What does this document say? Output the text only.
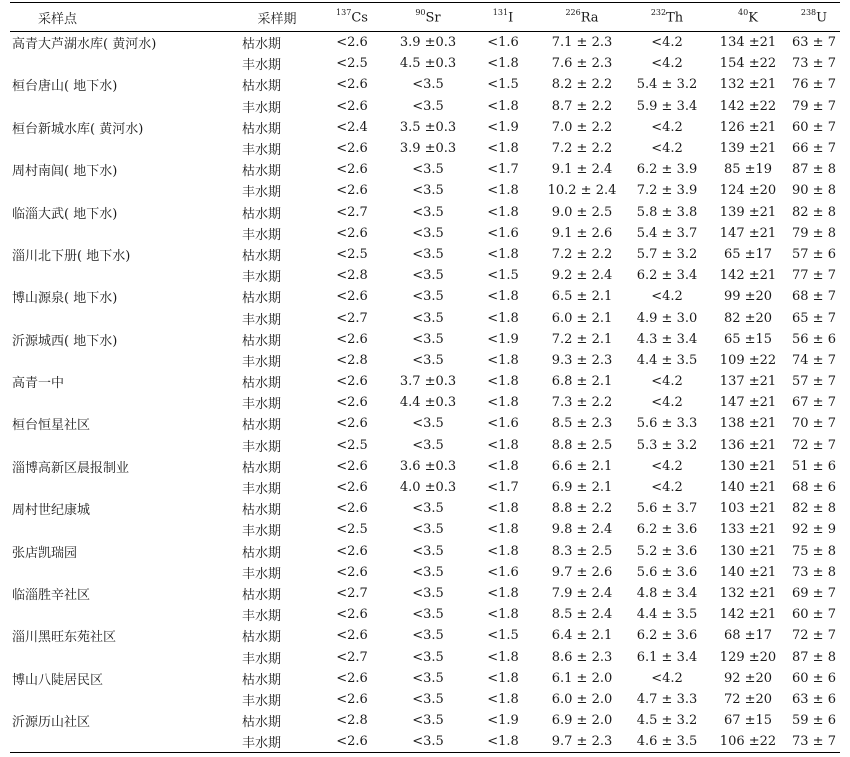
采样点	采样期	$^{137}$Cs	$^{90}$Sr	$^{131}$I	$^{226}$Ra	$^{232}$Th	$^{40}$K	$^{238}$U
高青大芦湖水库( 黄河水)	枯水期	<2.6	3.9 ±0.3	<1.6	7.1 ± 2.3	<4.2	134 ±21	63 ± 7
	丰水期	<2.5	4.5 ±0.3	<1.8	7.6 ± 2.3	<4.2	154 ±22	73 ± 7
桓台唐山( 地下水)	枯水期	<2.6	<3.5	<1.5	8.2 ± 2.2	5.4 ± 3.2	132 ±21	76 ± 7
	丰水期	<2.6	<3.5	<1.8	8.7 ± 2.2	5.9 ± 3.4	142 ±22	79 ± 7
桓台新城水库( 黄河水)	枯水期	<2.4	3.5 ±0.3	<1.9	7.0 ± 2.2	<4.2	126 ±21	60 ± 7
	丰水期	<2.6	3.9 ±0.3	<1.8	7.2 ± 2.2	<4.2	139 ±21	66 ± 7
周村南闾( 地下水)	枯水期	<2.6	<3.5	<1.7	9.1 ± 2.4	6.2 ± 3.9	85 ±19	87 ± 8
	丰水期	<2.6	<3.5	<1.8	10.2 ± 2.4	7.2 ± 3.9	124 ±20	90 ± 8
临淄大武( 地下水)	枯水期	<2.7	<3.5	<1.8	9.0 ± 2.5	5.8 ± 3.8	139 ±21	82 ± 8
	丰水期	<2.6	<3.5	<1.6	9.1 ± 2.6	5.4 ± 3.7	147 ±21	79 ± 8
淄川北下册( 地下水)	枯水期	<2.5	<3.5	<1.8	7.2 ± 2.2	5.7 ± 3.2	65 ±17	57 ± 6
	丰水期	<2.8	<3.5	<1.5	9.2 ± 2.4	6.2 ± 3.4	142 ±21	77 ± 7
博山源泉( 地下水)	枯水期	<2.6	<3.5	<1.8	6.5 ± 2.1	<4.2	99 ±20	68 ± 7
	丰水期	<2.7	<3.5	<1.8	6.0 ± 2.1	4.9 ± 3.0	82 ±20	65 ± 7
沂源城西( 地下水)	枯水期	<2.6	<3.5	<1.9	7.2 ± 2.1	4.3 ± 3.4	65 ±15	56 ± 6
	丰水期	<2.8	<3.5	<1.8	9.3 ± 2.3	4.4 ± 3.5	109 ±22	74 ± 7
高青一中	枯水期	<2.6	3.7 ±0.3	<1.8	6.8 ± 2.1	<4.2	137 ±21	57 ± 7
	丰水期	<2.6	4.4 ±0.3	<1.8	7.3 ± 2.2	<4.2	147 ±21	67 ± 7
桓台恒星社区	枯水期	<2.6	<3.5	<1.6	8.5 ± 2.3	5.6 ± 3.3	138 ±21	70 ± 7
	丰水期	<2.5	<3.5	<1.8	8.8 ± 2.5	5.3 ± 3.2	136 ±21	72 ± 7
淄博高新区晨报制业	枯水期	<2.6	3.6 ±0.3	<1.8	6.6 ± 2.1	<4.2	130 ±21	51 ± 6
	丰水期	<2.6	4.0 ±0.3	<1.7	6.9 ± 2.1	<4.2	140 ±21	68 ± 6
周村世纪康城	枯水期	<2.6	<3.5	<1.8	8.8 ± 2.2	5.6 ± 3.7	103 ±21	82 ± 8
	丰水期	<2.5	<3.5	<1.8	9.8 ± 2.4	6.2 ± 3.6	133 ±21	92 ± 9
张店凯瑞园	枯水期	<2.6	<3.5	<1.8	8.3 ± 2.5	5.2 ± 3.6	130 ±21	75 ± 8
	丰水期	<2.6	<3.5	<1.6	9.7 ± 2.6	5.6 ± 3.6	140 ±21	73 ± 8
临淄胜辛社区	枯水期	<2.7	<3.5	<1.8	7.9 ± 2.4	4.8 ± 3.4	132 ±21	69 ± 7
	丰水期	<2.6	<3.5	<1.8	8.5 ± 2.4	4.4 ± 3.5	142 ±21	60 ± 7
淄川黑旺东苑社区	枯水期	<2.6	<3.5	<1.5	6.4 ± 2.1	6.2 ± 3.6	68 ±17	72 ± 7
	丰水期	<2.7	<3.5	<1.8	8.6 ± 2.3	6.1 ± 3.4	129 ±20	87 ± 8
博山八陡居民区	枯水期	<2.6	<3.5	<1.8	6.1 ± 2.0	<4.2	92 ±20	60 ± 6
	丰水期	<2.6	<3.5	<1.8	6.0 ± 2.0	4.7 ± 3.3	72 ±20	63 ± 6
沂源历山社区	枯水期	<2.8	<3.5	<1.9	6.9 ± 2.0	4.5 ± 3.2	67 ±15	59 ± 6
	丰水期	<2.6	<3.5	<1.8	9.7 ± 2.3	4.6 ± 3.5	106 ±22	73 ± 7
